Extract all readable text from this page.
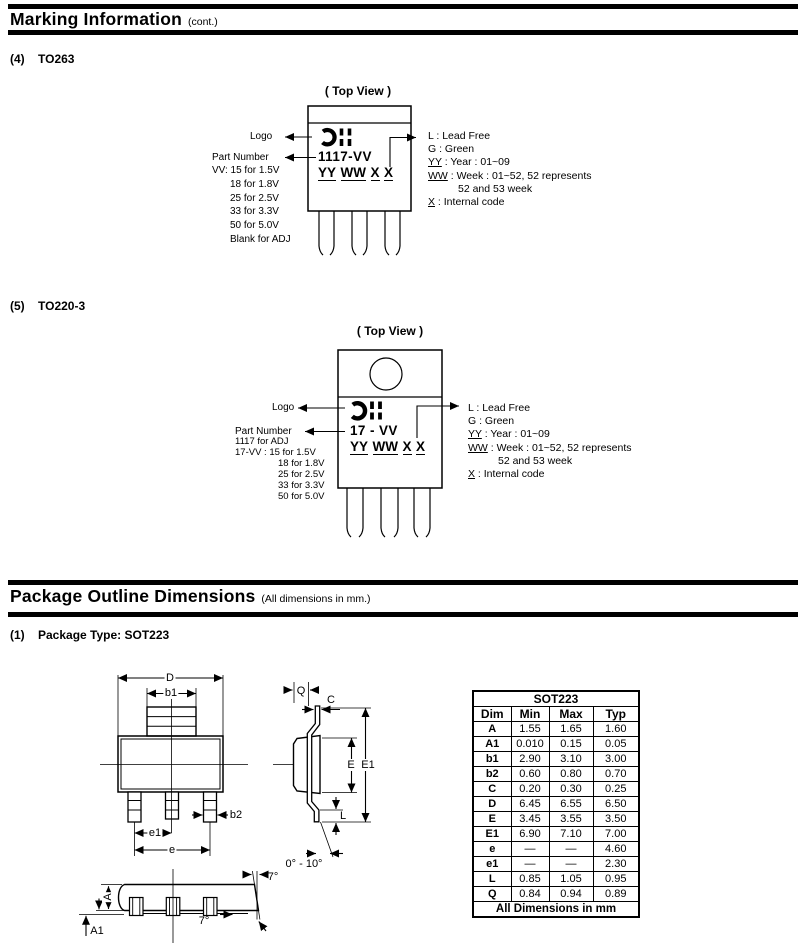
Marking Information (cont.)
(4) TO263
( Top View )
Logo
Part Number
VV: 15 for 1.5V
18 for 1.8V
25 for 2.5V
33 for 3.3V
50 for 5.0V
Blank for ADJ
1117-VV
YY WW X X
L : Lead Free
G : Green
YY : Year : 01~09
WW : Week : 01~52, 52 represents
52 and 53 week
X : Internal code
(5) TO220-3
( Top View )
Logo
Part Number
1117 for ADJ
17-VV : 15 for 1.5V
18 for 1.8V
25 for 2.5V
33 for 3.3V
50 for 5.0V
17 - VV
YY WW X X
L : Lead Free
G : Green
YY : Year : 01~09
WW : Week : 01~52, 52 represents
52 and 53 week
X : Internal code
Package Outline Dimensions (All dimensions in mm.)
(1) Package Type: SOT223
D
b1
b2
e1
e
Q
C
E E1
L
0° - 10°
7°
7°
A
A1
SOT223			
Dim	Min	Max	Typ
A	1.55	1.65	1.60
A1	0.010	0.15	0.05
b1	2.90	3.10	3.00
b2	0.60	0.80	0.70
C	0.20	0.30	0.25
D	6.45	6.55	6.50
E	3.45	3.55	3.50
E1	6.90	7.10	7.00
e	—	—	4.60
e1	—	—	2.30
L	0.85	1.05	0.95
Q	0.84	0.94	0.89
All Dimensions in mm			
